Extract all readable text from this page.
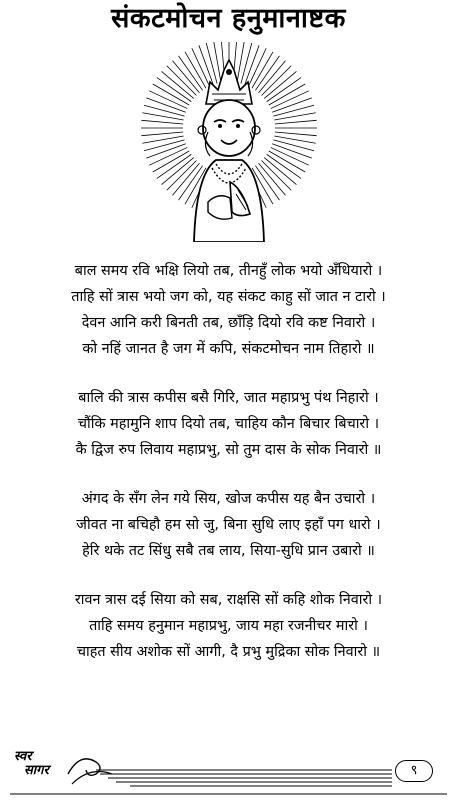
संकटमोचन हनुमानाष्टक
बाल समय रवि भक्षि लियो तब, तीनहुँ लोक भयो अँधियारो ।
ताहि सों त्रास भयो जग को, यह संकट काहु सों जात न टारो ।
देवन आनि करी बिनती तब, छाँड़ि दियो रवि कष्ट निवारो ।
को नहिं जानत है जग में कपि, संकटमोचन नाम तिहारो ॥
बालि की त्रास कपीस बसै गिरि, जात महाप्रभु पंथ निहारो ।
चौंकि महामुनि शाप दियो तब, चाहिय कौन बिचार बिचारो ।
कै द्विज रुप लिवाय महाप्रभु, सो तुम दास के सोक निवारो ॥
अंगद के सँग लेन गये सिय, खोज कपीस यह बैन उचारो ।
जीवत ना बचिहौ हम सो जु, बिना सुधि लाए इहाँ पग धारो ।
हेरि थके तट सिंधु सबै तब लाय, सिया-सुधि प्रान उबारो ॥
रावन त्रास दई सिया को सब, राक्षसि सों कहि शोक निवारो ।
ताहि समय हनुमान महाप्रभु, जाय महा रजनीचर मारो ।
चाहत सीय अशोक सों आगी, दै प्रभु मुद्रिका सोक निवारो ॥
स्वर
सागर	९
